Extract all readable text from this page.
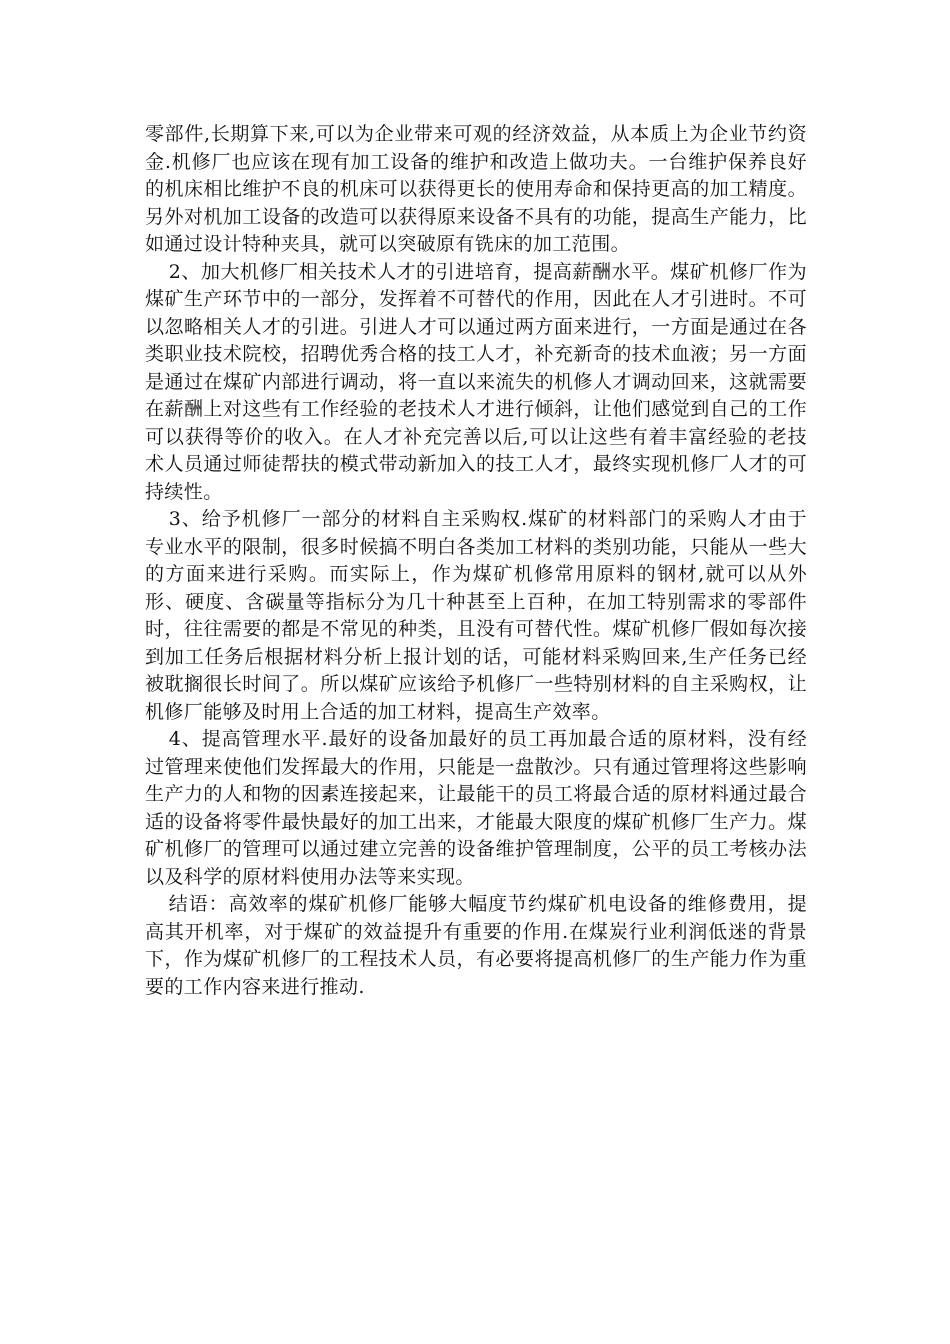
零部件,长期算下来,可以为企业带来可观的经济效益，从本质上为企业节约资金.机修厂也应该在现有加工设备的维护和改造上做功夫。一台维护保养良好的机床相比维护不良的机床可以获得更长的使用寿命和保持更高的加工精度。另外对机加工设备的改造可以获得原来设备不具有的功能，提高生产能力，比如通过设计特种夹具，就可以突破原有铣床的加工范围。

2、加大机修厂相关技术人才的引进培育，提高薪酬水平。煤矿机修厂作为煤矿生产环节中的一部分，发挥着不可替代的作用，因此在人才引进时。不可以忽略相关人才的引进。引进人才可以通过两方面来进行，一方面是通过在各类职业技术院校，招聘优秀合格的技工人才，补充新奇的技术血液；另一方面是通过在煤矿内部进行调动，将一直以来流失的机修人才调动回来，这就需要在薪酬上对这些有工作经验的老技术人才进行倾斜，让他们感觉到自己的工作可以获得等价的收入。在人才补充完善以后,可以让这些有着丰富经验的老技术人员通过师徒帮扶的模式带动新加入的技工人才，最终实现机修厂人才的可持续性。

3、给予机修厂一部分的材料自主采购权.煤矿的材料部门的采购人才由于专业水平的限制，很多时候搞不明白各类加工材料的类别功能，只能从一些大的方面来进行采购。而实际上，作为煤矿机修常用原料的钢材,就可以从外形、硬度、含碳量等指标分为几十种甚至上百种，在加工特别需求的零部件时，往往需要的都是不常见的种类，且没有可替代性。煤矿机修厂假如每次接到加工任务后根据材料分析上报计划的话，可能材料采购回来,生产任务已经被耽搁很长时间了。所以煤矿应该给予机修厂一些特别材料的自主采购权，让机修厂能够及时用上合适的加工材料，提高生产效率。

4、提高管理水平.最好的设备加最好的员工再加最合适的原材料，没有经过管理来使他们发挥最大的作用，只能是一盘散沙。只有通过管理将这些影响生产力的人和物的因素连接起来，让最能干的员工将最合适的原材料通过最合适的设备将零件最快最好的加工出来，才能最大限度的煤矿机修厂生产力。煤矿机修厂的管理可以通过建立完善的设备维护管理制度，公平的员工考核办法以及科学的原材料使用办法等来实现。

结语：高效率的煤矿机修厂能够大幅度节约煤矿机电设备的维修费用，提高其开机率，对于煤矿的效益提升有重要的作用.在煤炭行业利润低迷的背景下，作为煤矿机修厂的工程技术人员，有必要将提高机修厂的生产能力作为重要的工作内容来进行推动.
